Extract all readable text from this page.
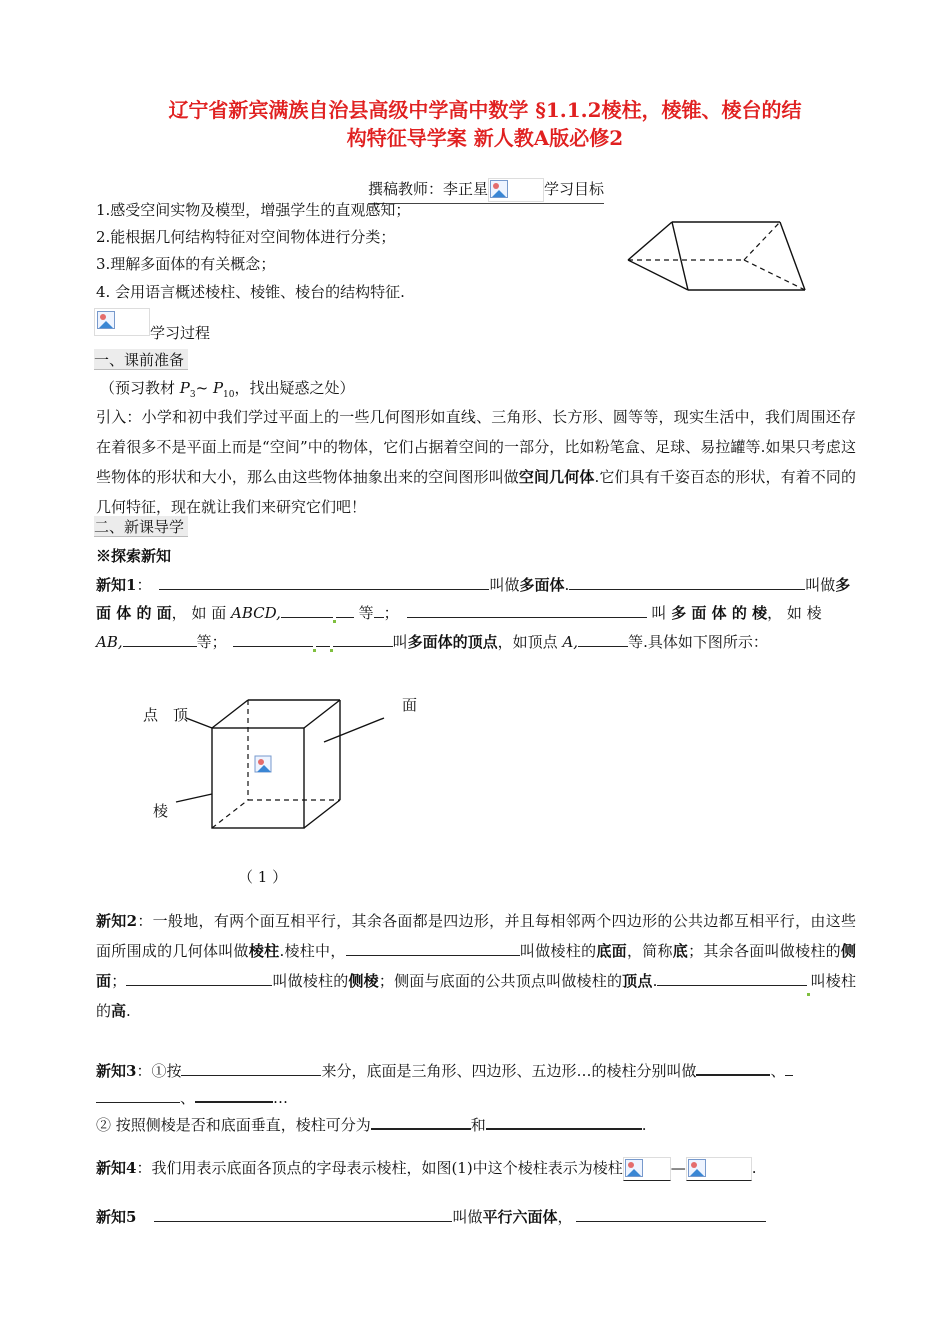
辽宁省新宾满族自治县高级中学高中数学 §1.1.2棱柱，棱锥、棱台的结
构特征导学案 新人教A版必修2
撰稿教师：李正星	学习目标
1.感受空间实物及模型，增强学生的直观感知；
2.能根据几何结构特征对空间物体进行分类；
3.理解多面体的有关概念；
4. 会用语言概述棱柱、棱锥、棱台的结构特征.
学习过程
一、课前准备
（预习教材 $P_3\sim$ $P_{10}$，找出疑惑之处）
引入：小学和初中我们学过平面上的一些几何图形如直线、三角形、长方形、圆等等，现实生活中，我们周围还存在着很多不是平面上而是“空间”中的物体，它们占据着空间的一部分，比如粉笔盒、足球、易拉罐等.如果只考虑这些物体的形状和大小，那么由这些物体抽象出来的空间图形叫做空间几何体.它们具有千姿百态的形状，有着不同的几何特征，现在就让我们来研究它们吧！
二、新课导学
※探索新知
新知1：	叫做多面体.	叫做多
面 体 的 面， 如 面 ABCD,	等 ；	叫 多 面 体 的 棱， 如 棱
AB,	等；	叫多面体的顶点，如顶点 A,	等.具体如下图所示：
点 顶
面
棱
（ 1 ）
新知2：一般地，有两个面互相平行，其余各面都是四边形，并且每相邻两个四边形的公共边都互相平行，由这些面所围成的几何体叫做棱柱.棱柱中，	叫做棱柱的底面，简称底；其余各面叫做棱柱的侧面；	叫做棱柱的侧棱；侧面与底面的公共顶点叫做棱柱的顶点.	叫棱柱的高.
新知3：①按	来分，底面是三角形、四边形、五边形…的棱柱分别叫做	、
、	…
② 按照侧棱是否和底面垂直，棱柱可分为	和	.
新知4：我们用表示底面各顶点的字母表示棱柱，如图(1)中这个棱柱表示为棱柱	—	.
新知5	叫做平行六面体，
